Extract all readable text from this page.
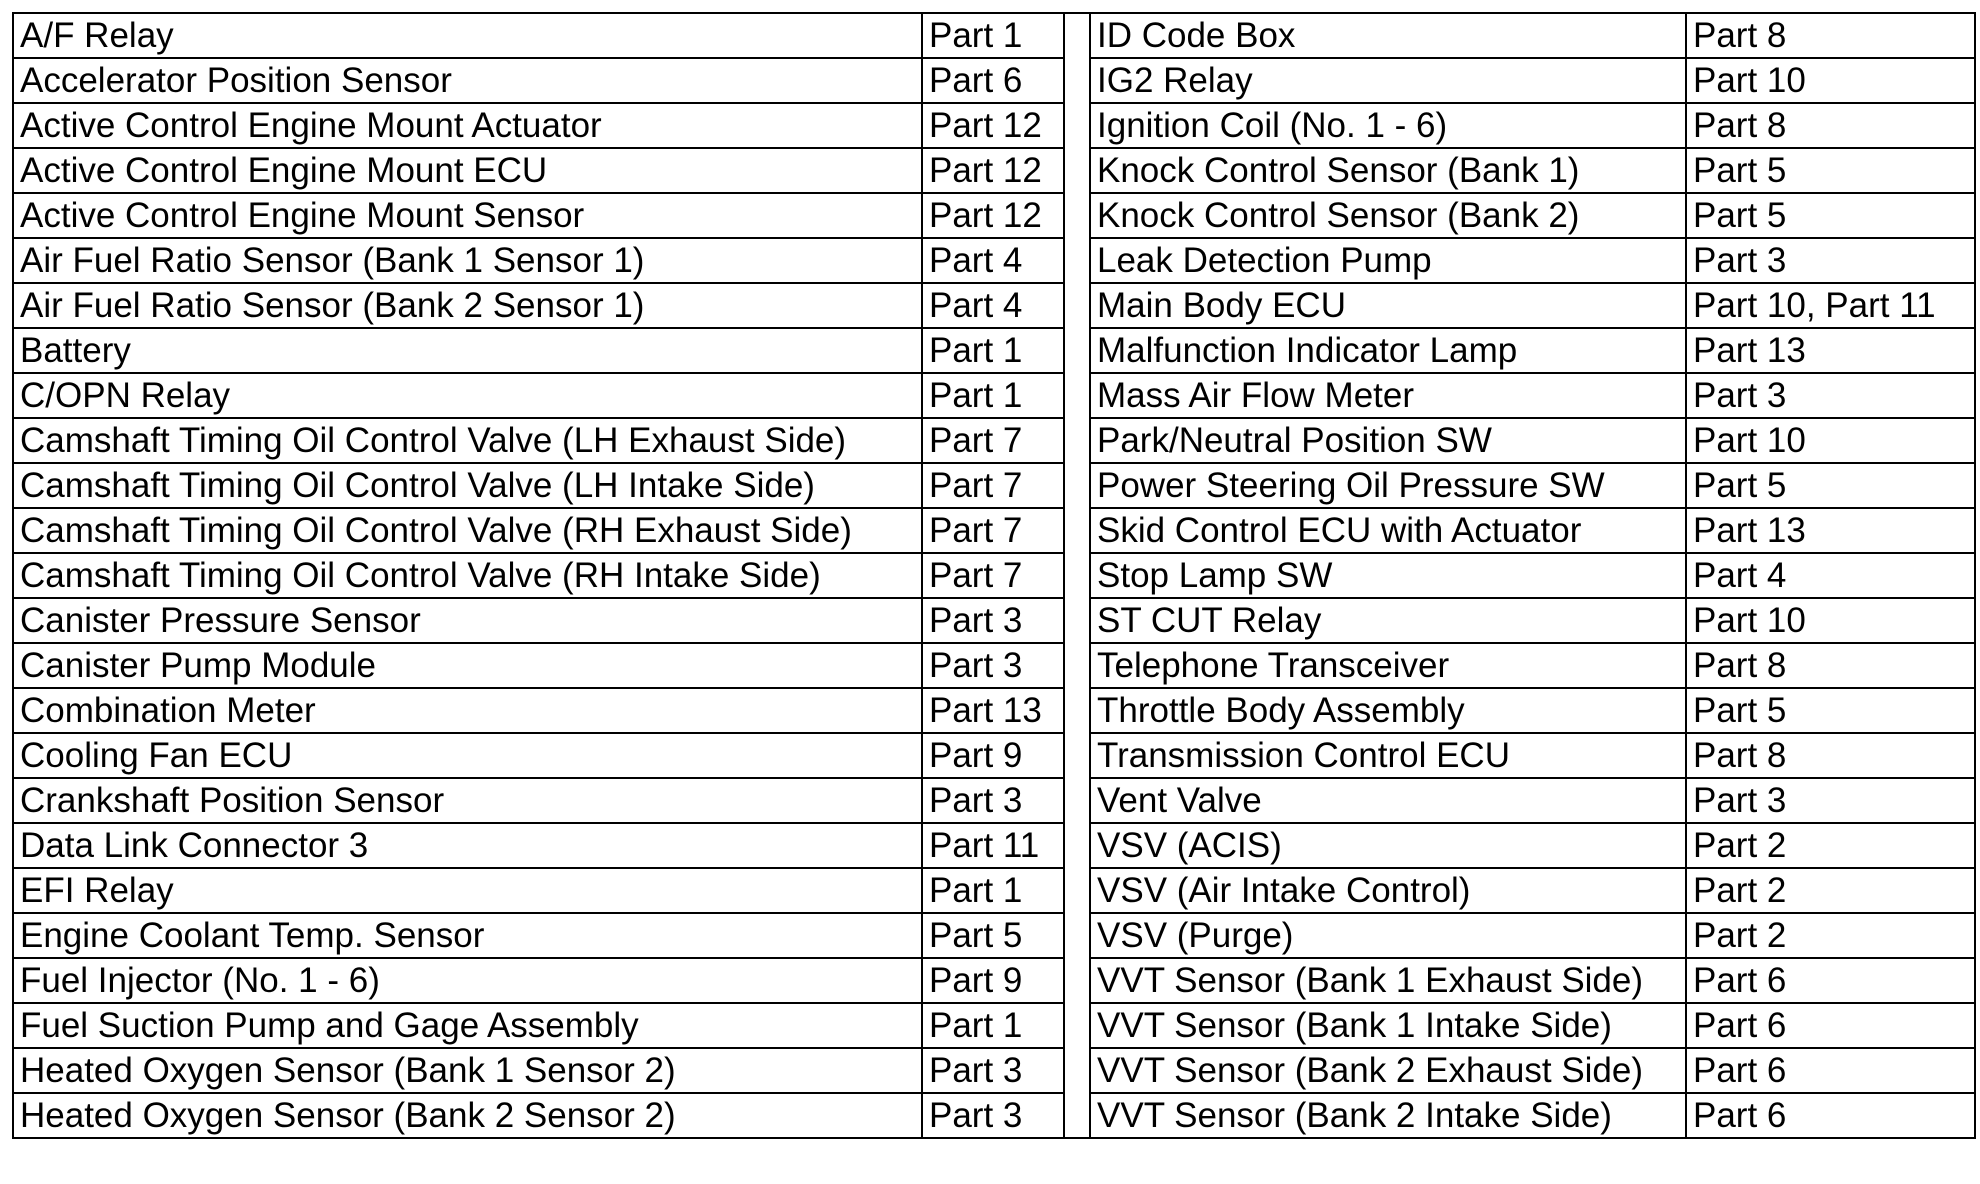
A/F Relay	Part 1		ID Code Box	Part 8
Accelerator Position Sensor	Part 6		IG2 Relay	Part 10
Active Control Engine Mount Actuator	Part 12		Ignition Coil (No. 1 - 6)	Part 8
Active Control Engine Mount ECU	Part 12		Knock Control Sensor (Bank 1)	Part 5
Active Control Engine Mount Sensor	Part 12		Knock Control Sensor (Bank 2)	Part 5
Air Fuel Ratio Sensor (Bank 1 Sensor 1)	Part 4		Leak Detection Pump	Part 3
Air Fuel Ratio Sensor (Bank 2 Sensor 1)	Part 4		Main Body ECU	Part 10, Part 11
Battery	Part 1		Malfunction Indicator Lamp	Part 13
C/OPN Relay	Part 1		Mass Air Flow Meter	Part 3
Camshaft Timing Oil Control Valve (LH Exhaust Side)	Part 7		Park/Neutral Position SW	Part 10
Camshaft Timing Oil Control Valve (LH Intake Side)	Part 7		Power Steering Oil Pressure SW	Part 5
Camshaft Timing Oil Control Valve (RH Exhaust Side)	Part 7		Skid Control ECU with Actuator	Part 13
Camshaft Timing Oil Control Valve (RH Intake Side)	Part 7		Stop Lamp SW	Part 4
Canister Pressure Sensor	Part 3		ST CUT Relay	Part 10
Canister Pump Module	Part 3		Telephone Transceiver	Part 8
Combination Meter	Part 13		Throttle Body Assembly	Part 5
Cooling Fan ECU	Part 9		Transmission Control ECU	Part 8
Crankshaft Position Sensor	Part 3		Vent Valve	Part 3
Data Link Connector 3	Part 11		VSV (ACIS)	Part 2
EFI Relay	Part 1		VSV (Air Intake Control)	Part 2
Engine Coolant Temp. Sensor	Part 5		VSV (Purge)	Part 2
Fuel Injector (No. 1 - 6)	Part 9		VVT Sensor (Bank 1 Exhaust Side)	Part 6
Fuel Suction Pump and Gage Assembly	Part 1		VVT Sensor (Bank 1 Intake Side)	Part 6
Heated Oxygen Sensor (Bank 1 Sensor 2)	Part 3		VVT Sensor (Bank 2 Exhaust Side)	Part 6
Heated Oxygen Sensor (Bank 2 Sensor 2)	Part 3		VVT Sensor (Bank 2 Intake Side)	Part 6
